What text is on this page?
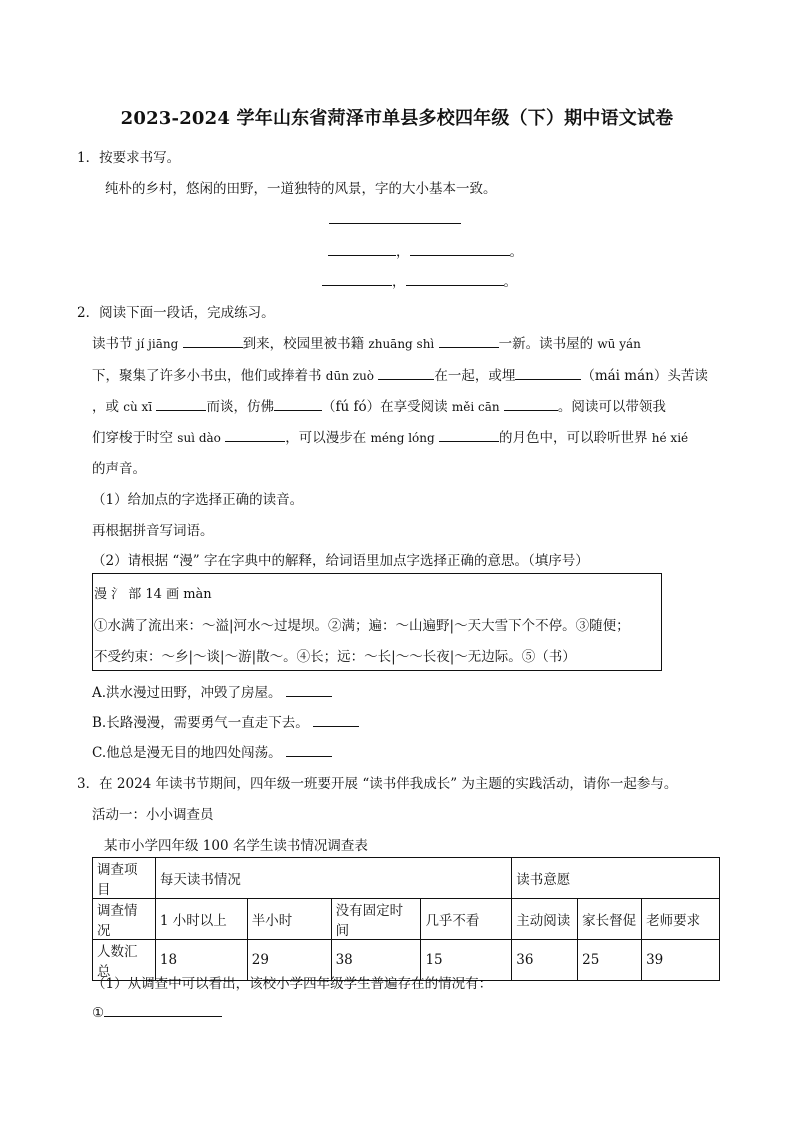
2023-2024 学年山东省菏泽市单县多校四年级（下）期中语文试卷
1．按要求书写。
纯朴的乡村，悠闲的田野，一道独特的风景，字的大小基本一致。
，	。
，	。
2．阅读下面一段话，完成练习。
读书节 jí jiāng	到来，校园里被书籍 zhuāng shì	一新。读书屋的 wū yán
下，聚集了许多小书虫，他们或捧着书 dūn zuò	在一起，或埋	（mái mán）头苦读
，或 cù xī	而谈，仿佛	（fú fó）在享受阅读 měi cān	。阅读可以带领我
们穿梭于时空 suì dào	，可以漫步在 méng lóng	的月色中，可以聆听世界 hé xié
的声音。
（1）给加点的字选择正确的读音。
再根据拼音写词语。
（2）请根据 “漫” 字在字典中的解释，给词语里加点字选择正确的意思。（填序号）
漫 氵 部 14 画 màn
①水满了流出来：～溢|河水～过堤坝。②满；遍：～山遍野|～天大雪下个不停。③随便；
不受约束：～乡|～谈|～游|散～。④长；远：～长|～～长夜|～无边际。⑤（书）
A.洪水漫过田野，冲毁了房屋。
B.长路漫漫，需要勇气一直走下去。
C.他总是漫无目的地四处闯荡。
3．在 2024 年读书节期间，四年级一班要开展 “读书伴我成长” 为主题的实践活动，请你一起参与。
活动一：小小调查员
某市小学四年级 100 名学生读书情况调查表
调查项目	每天读书情况				读书意愿		
调查情况	1 小时以上	半小时	没有固定时间	几乎不看	主动阅读	家长督促	老师要求
人数汇总	18	29	38	15	36	25	39
（1）从调查中可以看出，该校小学四年级学生普遍存在的情况有：
①
